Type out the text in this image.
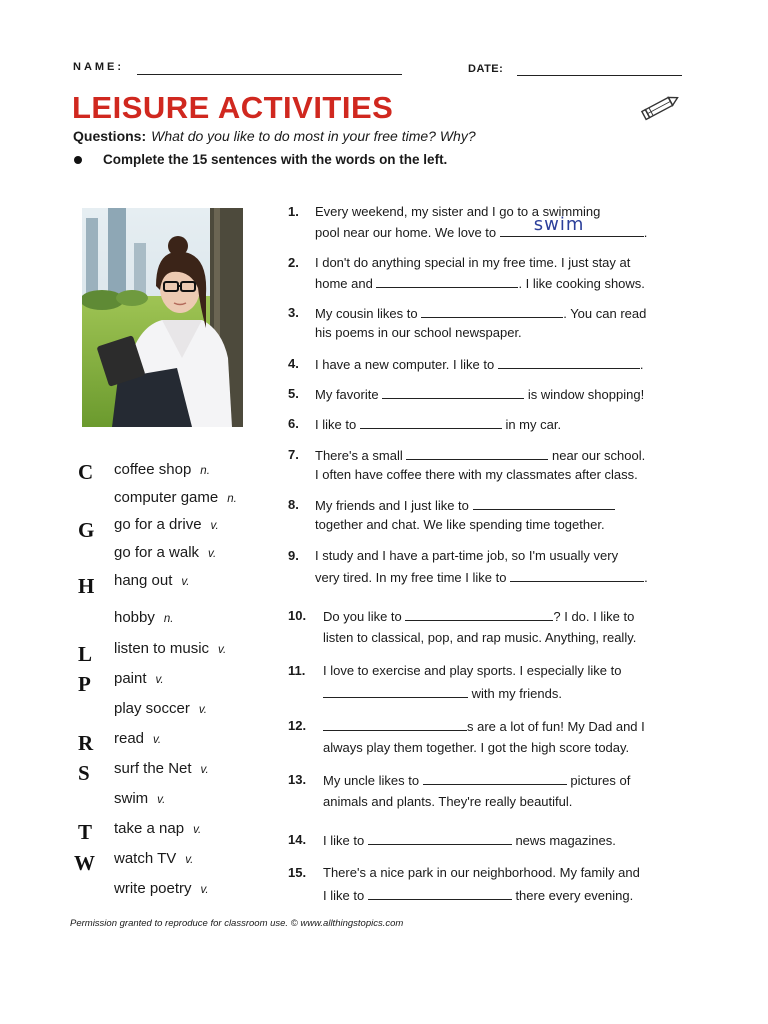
NAME:	DATE:
LEISURE ACTIVITIES
Questions: What do you like to do most in your free time? Why?
Complete the 15 sentences with the words on the left.
C coffee shop n.
computer game n.
G go for a drive v.
go for a walk v.
H hang out v.
hobby n.
L listen to music v.
P paint v.
play soccer v.
R read v.
S surf the Net v.
swim v.
T take a nap v.
W watch TV v.
write poetry v.
1. Every weekend, my sister and I go to a swimming
pool near our home. We love to swim	.
2. I don't do anything special in my free time. I just stay at
home and	. I like cooking shows.
3. My cousin likes to	. You can read
his poems in our school newspaper.
4. I have a new computer. I like to	.
5. My favorite	is window shopping!
6. I like to	in my car.
7. There's a small	near our school.
I often have coffee there with my classmates after class.
8. My friends and I just like to
together and chat. We like spending time together.
9. I study and I have a part-time job, so I'm usually very
very tired. In my free time I like to	.
10. Do you like to	? I do. I like to
listen to classical, pop, and rap music. Anything, really.
11. I love to exercise and play sports. I especially like to
with my friends.
12.	s are a lot of fun! My Dad and I
always play them together. I got the high score today.
13. My uncle likes to	pictures of
animals and plants. They're really beautiful.
14. I like to	news magazines.
15. There's a nice park in our neighborhood. My family and
I like to	there every evening.
Permission granted to reproduce for classroom use. © www.allthingstopics.com
